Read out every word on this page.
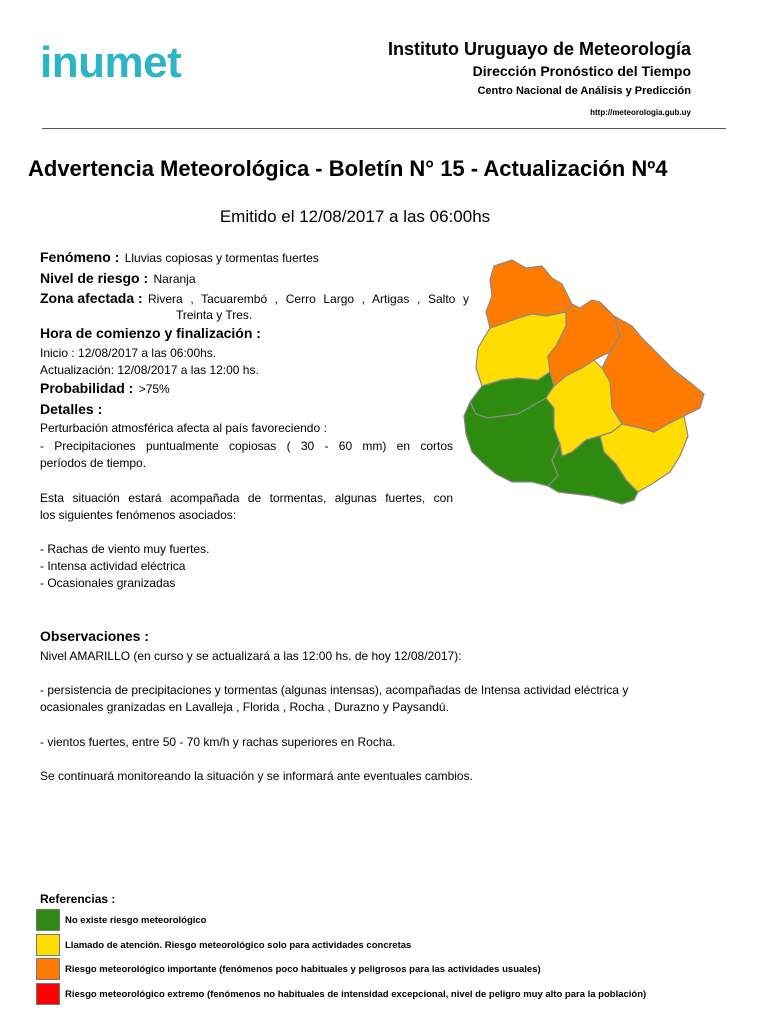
inumet	Instituto Uruguayo de Meteorología
Dirección Pronóstico del Tiempo
Centro Nacional de Análisis y Predicción
http://meteorologia.gub.uy
Advertencia Meteorológica - Boletín N° 15 - Actualización Nº4
Emitido el 12/08/2017 a las 06:00hs
Fenómeno : Lluvias copiosas y tormentas fuertes
Nivel de riesgo : Naranja
Zona afectada : Rivera , Tacuarembó , Cerro Largo , Artigas , Salto y
Treinta y Tres.
Hora de comienzo y finalización :
Inicio : 12/08/2017 a las 06:00hs.
Actualización: 12/08/2017 a las 12:00 hs.
Probabilidad : >75%
Detalles :
Perturbación atmosférica afecta al país favoreciendo :
- Precipitaciones puntualmente copiosas ( 30 - 60 mm) en cortos
períodos de tiempo.
Esta situación estará acompañada de tormentas, algunas fuertes, con
los siguientes fenómenos asociados:
- Rachas de viento muy fuertes.
- Intensa actividad eléctrica
- Ocasionales granizadas
Observaciones :
Nivel AMARILLO (en curso y se actualizará a las 12:00 hs. de hoy 12/08/2017):
- persistencia de precipitaciones y tormentas (algunas intensas), acompañadas de Intensa actividad eléctrica y
ocasionales granizadas en Lavalleja , Florida , Rocha , Durazno y Paysandú.
- vientos fuertes, entre 50 - 70 km/h y rachas superiores en Rocha.
Se continuará monitoreando la situación y se informará ante eventuales cambios.
Referencias :
No existe riesgo meteorológico
Llamado de atención. Riesgo meteorológico solo para actividades concretas
Riesgo meteorológico importante (fenómenos poco habituales y peligrosos para las actividades usuales)
Riesgo meteorológico extremo (fenómenos no habituales de intensidad excepcional, nivel de peligro muy alto para la población)
